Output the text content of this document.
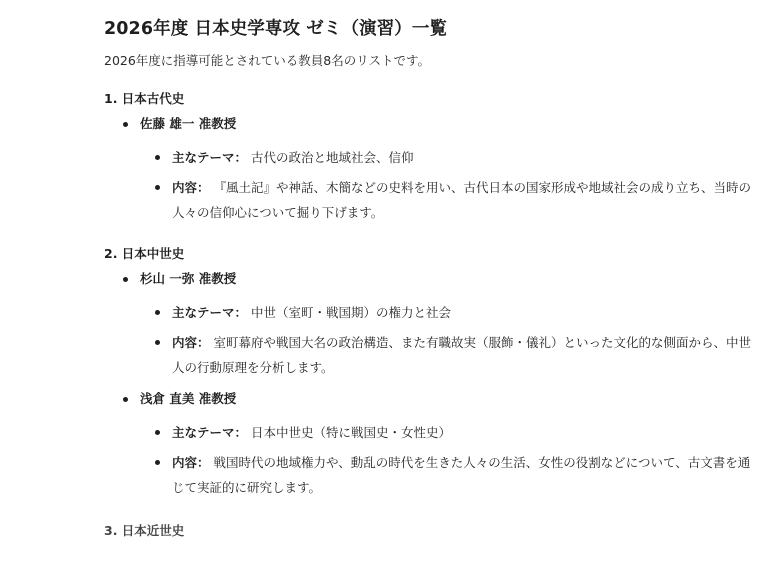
2026年度 日本史学専攻 ゼミ（演習）一覧

2026年度に指導可能とされている教員8名のリストです。

1. 日本古代史
佐藤 雄一 准教授
主なテーマ： 古代の政治と地域社会、信仰
内容： 『風土記』や神話、木簡などの史料を用い、古代日本の国家形成や地域社会の成り立ち、当時の人々の信仰心について掘り下げます。
2. 日本中世史
杉山 一弥 准教授
主なテーマ： 中世（室町・戦国期）の権力と社会
内容： 室町幕府や戦国大名の政治構造、また有職故実（服飾・儀礼）といった文化的な側面から、中世人の行動原理を分析します。
浅倉 直美 准教授
主なテーマ： 日本中世史（特に戦国史・女性史）
内容： 戦国時代の地域権力や、動乱の時代を生きた人々の生活、女性の役割などについて、古文書を通じて実証的に研究します。
3. 日本近世史
